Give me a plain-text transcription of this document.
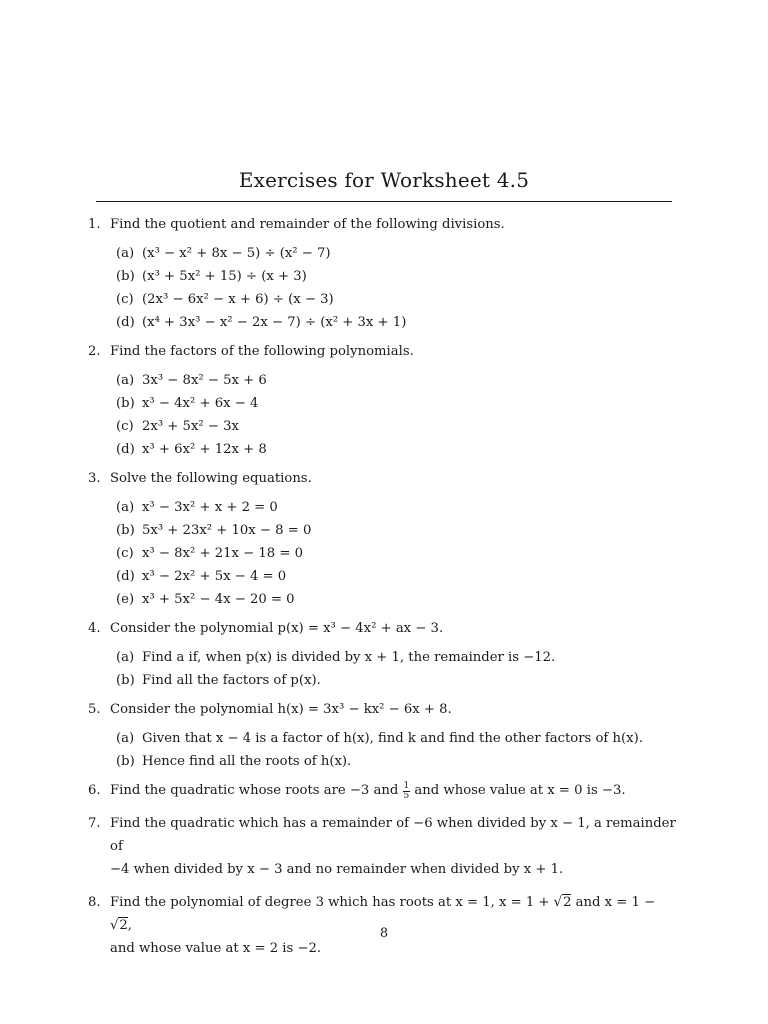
Exercises for Worksheet 4.5
1. Find the quotient and remainder of the following divisions.
(a) (x³ − x² + 8x − 5) ÷ (x² − 7)
(b) (x³ + 5x² + 15) ÷ (x + 3)
(c) (2x³ − 6x² − x + 6) ÷ (x − 3)
(d) (x⁴ + 3x³ − x² − 2x − 7) ÷ (x² + 3x + 1)
2. Find the factors of the following polynomials.
(a) 3x³ − 8x² − 5x + 6
(b) x³ − 4x² + 6x − 4
(c) 2x³ + 5x² − 3x
(d) x³ + 6x² + 12x + 8
3. Solve the following equations.
(a) x³ − 3x² + x + 2 = 0
(b) 5x³ + 23x² + 10x − 8 = 0
(c) x³ − 8x² + 21x − 18 = 0
(d) x³ − 2x² + 5x − 4 = 0
(e) x³ + 5x² − 4x − 20 = 0
4. Consider the polynomial p(x) = x³ − 4x² + ax − 3.
(a) Find a if, when p(x) is divided by x + 1, the remainder is −12.
(b) Find all the factors of p(x).
5. Consider the polynomial h(x) = 3x³ − kx² − 6x + 8.
(a) Given that x − 4 is a factor of h(x), find k and find the other factors of h(x).
(b) Hence find all the roots of h(x).
6. Find the quadratic whose roots are −3 and $\frac{1}{5}$ and whose value at x = 0 is −3.
7. Find the quadratic which has a remainder of −6 when divided by x − 1, a remainder of
−4 when divided by x − 3 and no remainder when divided by x + 1.
8. Find the polynomial of degree 3 which has roots at x = 1, x = 1 + √2 and x = 1 − √2,
and whose value at x = 2 is −2.
8
